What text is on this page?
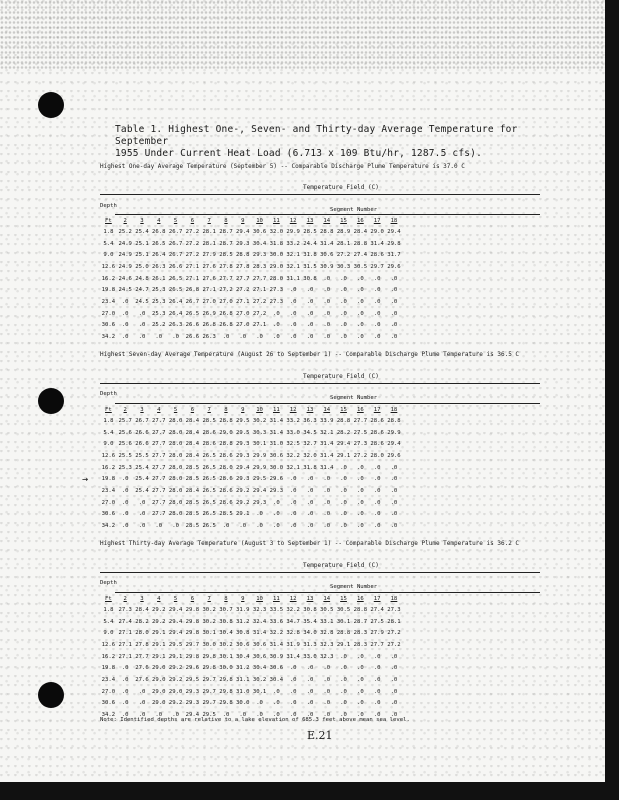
Table 1. Highest One-, Seven- and Thirty-day Average Temperature for September
1955 Under Current Heat Load (6.713 x 109 Btu/hr, 1287.5 cfs).
Highest One-day Average Temperature (September 5) -- Comparable Discharge Plume Temperature is 37.0 C
Temperature Field (C)
Depth
Segment Number
Ft	2	3	4	5	6	7	8	9	10	11	12	13	14	15	16	17	18
1.8	25.2	25.4	26.8	26.7	27.2	28.1	28.7	29.4	30.6	32.0	29.9	28.5	28.8	28.9	28.4	29.0	29.4
5.4	24.9	25.1	26.5	26.7	27.2	28.1	28.7	29.3	30.4	31.8	33.2	24.4	31.4	28.1	28.8	31.4	29.8
9.0	24.9	25.1	26.4	26.7	27.2	27.9	28.5	28.8	29.3	30.0	32.1	31.8	30.6	27.2	27.4	28.6	31.7
12.6	24.9	25.0	26.3	26.6	27.1	27.6	27.8	27.8	28.3	29.0	32.1	31.5	30.9	30.3	30.5	29.7	29.6
16.2	24.6	24.8	26.1	26.5	27.1	27.6	27.7	27.7	27.7	28.0	31.1	30.8	.0	.0	.0	.0	.0
19.8	24.5	24.7	25.3	26.5	26.8	27.1	27.2	27.2	27.1	27.3	.0	.0	.0	.0	.0	.0	.0
23.4	.0	24.5	25.3	26.4	26.7	27.0	27.0	27.1	27.2	27.3	.0	.0	.0	.0	.0	.0	.0
27.0	.0	.0	25.3	26.4	26.5	26.9	26.8	27.0	27.2	.0	.0	.0	.0	.0	.0	.0	.0
30.6	.0	.0	25.2	26.3	26.6	26.8	26.8	27.0	27.1	.0	.0	.0	.0	.0	.0	.0	.0
34.2	.0	.0	.0	.0	26.6	26.3	.0	.0	.0	.0	.0	.0	.0	.0	.0	.0	.0
Highest Seven-day Average Temperature (August 26 to September 1) -- Comparable Discharge Plume Temperature is 36.5 C
Temperature Field (C)
Depth
Segment Number
Ft	2	3	4	5	6	7	8	9	10	11	12	13	14	15	16	17	18
1.8	25.7	26.7	27.7	28.0	28.4	28.5	28.8	29.5	30.2	31.4	33.2	36.3	33.9	28.8	27.7	28.6	28.8
5.4	25.6	26.6	27.7	28.0	28.4	28.6	29.0	29.5	30.3	31.4	33.0	34.5	32.1	28.2	27.5	28.6	29.9
9.0	25.6	26.6	27.7	28.0	28.4	28.6	28.8	29.3	30.1	31.0	32.5	32.7	31.4	29.4	27.3	28.6	29.4
12.6	25.5	25.5	27.7	28.0	28.4	26.5	28.6	29.3	29.9	30.6	32.2	32.0	31.4	29.1	27.2	28.0	29.6
16.2	25.3	25.4	27.7	28.0	28.5	26.5	28.0	29.4	29.9	30.0	32.1	31.8	31.4	.0	.0	.0	.0
19.8	.0	25.4	27.7	28.0	28.5	26.5	28.6	29.3	29.5	29.6	.0	.0	.0	.0	.0	.0	.0
23.4	.0	25.4	27.7	28.0	28.4	26.5	28.6	29.2	29.4	29.3	.0	.0	.0	.0	.0	.0	.0
27.0	.0	.0	27.7	28.0	28.5	26.5	28.6	29.2	29.3	.0	.0	.0	.0	.0	.0	.0	.0
30.6	.0	.0	27.7	28.0	28.5	26.5	28.5	29.1	.0	.0	.0	.0	.0	.0	.0	.0	.0
34.2	.0	.0	.0	.0	28.5	26.5	.0	.0	.0	.0	.0	.0	.0	.0	.0	.0	.0
→
Highest Thirty-day Average Temperature (August 3 to September 1) -- Comparable Discharge Plume Temperature is 36.2 C
Temperature Field (C)
Depth
Segment Number
Ft	2	3	4	5	6	7	8	9	10	11	12	13	14	15	16	17	18
1.8	27.3	28.4	29.2	29.4	29.8	30.2	30.7	31.9	32.3	33.5	32.2	30.8	30.5	30.5	28.8	27.4	27.3
5.4	27.4	28.2	29.2	29.4	29.8	30.2	30.8	31.2	32.4	33.6	34.7	35.4	33.1	30.1	28.7	27.5	28.1
9.0	27.1	28.0	29.1	29.4	29.8	30.1	30.4	30.8	31.4	32.2	32.8	34.0	32.8	28.8	28.3	27.9	27.2
12.6	27.1	27.8	29.1	29.5	29.7	30.0	30.2	30.6	30.6	31.4	31.9	31.3	32.3	29.1	28.3	27.7	27.2
16.2	27.1	27.7	29.1	29.1	29.8	29.8	30.1	30.4	30.6	30.9	31.4	33.0	32.3	.0	.0	.0	.0
19.8	.0	27.6	29.0	29.2	29.6	29.8	30.0	31.2	30.4	30.6	.0	.0	.0	.0	.0	.0	.0
23.4	.0	27.6	29.0	29.2	29.5	29.7	29.8	31.1	30.2	30.4	.0	.0	.0	.0	.0	.0	.0
27.0	.0	.0	29.0	29.0	29.3	29.7	29.8	31.0	30.1	.0	.0	.0	.0	.0	.0	.0	.0
30.6	.0	.0	29.0	29.2	29.3	29.7	29.8	30.0	.0	.0	.0	.0	.0	.0	.0	.0	.0
34.2	.0	.0	.0	.0	29.4	29.5	.0	.0	.0	.0	.0	.0	.0	.0	.0	.0	.0
Note: Identified depths are relative to a lake elevation of 685.3 feet above mean sea level.
E.21
